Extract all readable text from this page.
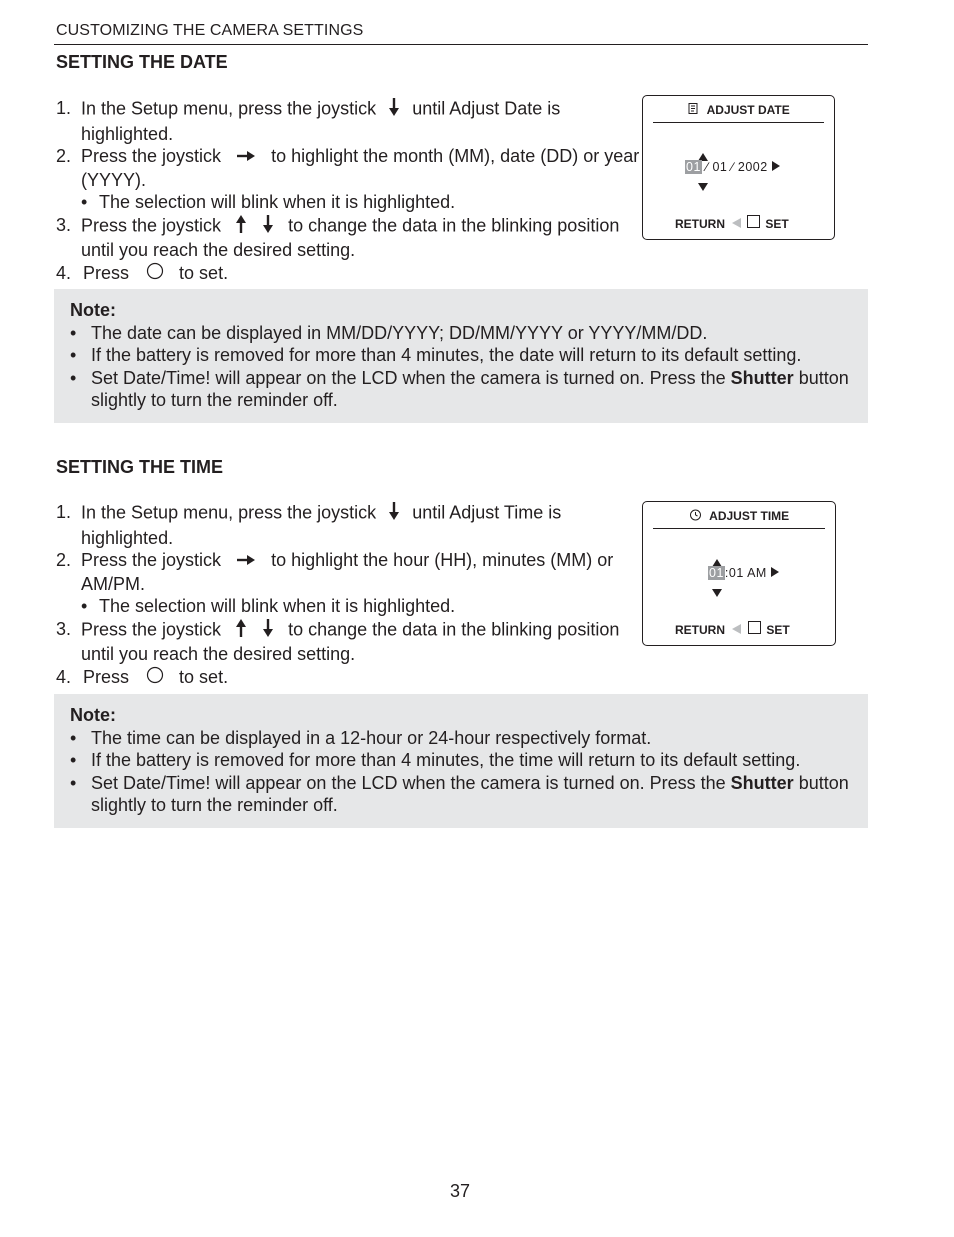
CUSTOMIZING THE CAMERA SETTINGS
SETTING THE DATE
1. In the Setup menu, press the joystick until Adjust Date is highlighted.
2. Press the joystick	to highlight the month (MM), date (DD) or year (YYYY).
• The selection will blink when it is highlighted.
3. Press the joystick	to change the data in the blinking position until you reach the desired setting.
4. Press	to set.
ADJUST DATE
01 ∕ 01 ∕ 2002
RETURN	SET
Note:
• The date can be displayed in MM/DD/YYYY; DD/MM/YYYY or YYYY/MM/DD.
• If the battery is removed for more than 4 minutes, the date will return to its default setting.
• Set Date/Time! will appear on the LCD when the camera is turned on. Press the Shutter button slightly to turn the reminder off.
SETTING THE TIME
1. In the Setup menu, press the joystick until Adjust Time is highlighted.
2. Press the joystick	to highlight the hour (HH), minutes (MM) or AM/PM.
• The selection will blink when it is highlighted.
3. Press the joystick	to change the data in the blinking position until you reach the desired setting.
4. Press	to set.
ADJUST TIME
01:01 AM
RETURN	SET
Note:
• The time can be displayed in a 12-hour or 24-hour respectively format.
• If the battery is removed for more than 4 minutes, the time will return to its default setting.
• Set Date/Time! will appear on the LCD when the camera is turned on. Press the Shutter button slightly to turn the reminder off.
37
